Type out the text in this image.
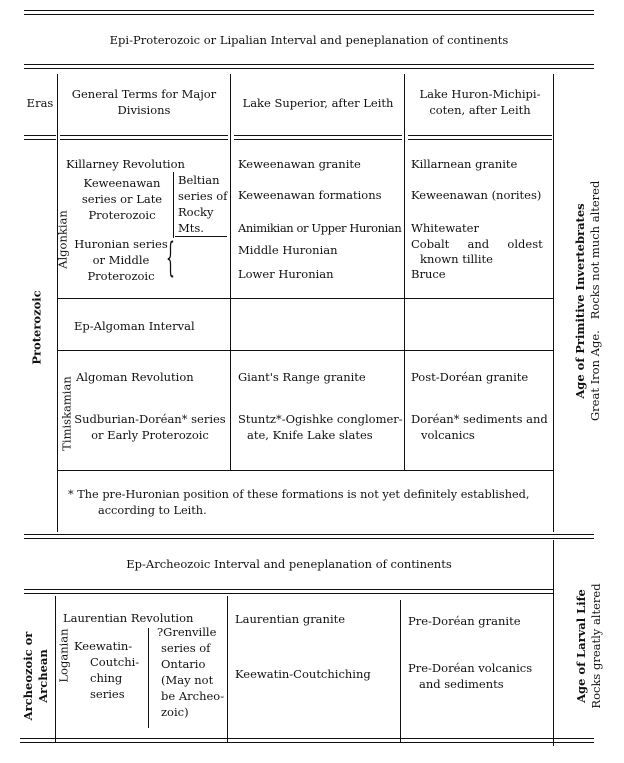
Epi-Proterozoic or Lipalian Interval and peneplanation of continents
Eras
General Terms for Major
Divisions	Lake Superior, after Leith
Lake Huron-Michipi-
coten, after Leith
Proterozoic
Algonkian
Killarney Revolution
Keweenawan
series or Late
Proterozoic
Beltian
series of
Rocky
Mts.
Huronian series
or Middle
Proterozoic {
Keweenawan granite
Keweenawan formations
Animikian or Upper Huronian
Middle Huronian
Lower Huronian
Killarnean granite
Keweenawan (norites)
Whitewater
Cobalt     and     oldest
known tillite
Bruce
Ep-Algoman Interval
Timiskamian Algoman Revolution
Sudburian-Doréan* series
or Early Proterozoic
Giant's Range granite
Stuntz*-Ogishke conglomer-
ate, Knife Lake slates
Post-Doréan granite
Doréan* sediments and
volcanics
* The pre-Huronian position of these formations is not yet definitely established,
according to Leith.
Age of Primitive Invertebrates Great Iron Age.   Rocks not much altered
Ep-Archeozoic Interval and peneplanation of continents
Archeozoic or Archean Loganian
Laurentian Revolution
Keewatin-
Coutchi-
ching
series
?Grenville
series of
Ontario
(May not
be Archeo-
zoic)
Laurentian granite
Keewatin-Coutchiching
Pre-Doréan granite
Pre-Doréan volcanics
and sediments	Age of Larval Life Rocks greatly altered
